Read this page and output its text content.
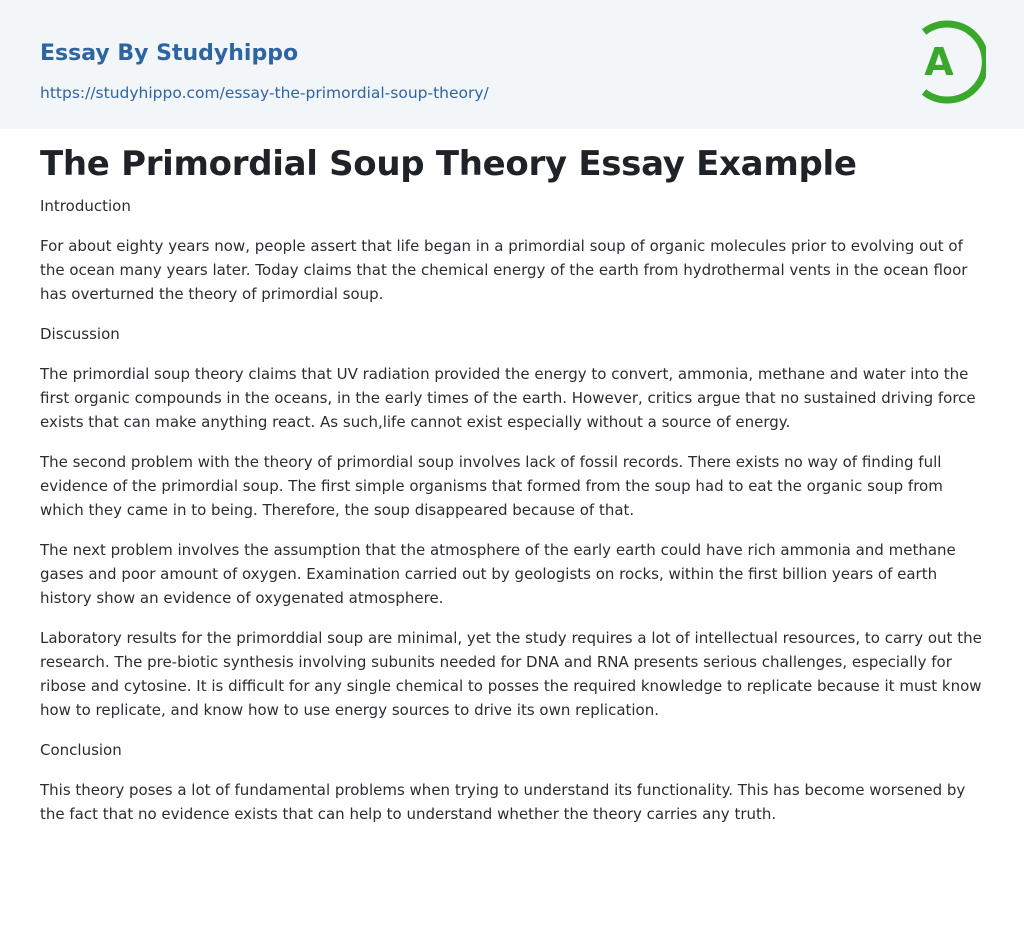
Essay By Studyhippo
https://studyhippo.com/essay-the-primordial-soup-theory/
A
The Primordial Soup Theory Essay Example

Introduction

For about eighty years now, people assert that life began in a primordial soup of organic molecules prior to evolving out of the ocean many years later. Today claims that the chemical energy of the earth from hydrothermal vents in the ocean floor has overturned the theory of primordial soup.

Discussion

The primordial soup theory claims that UV radiation provided the energy to convert, ammonia, methane and water into the first organic compounds in the oceans, in the early times of the earth. However, critics argue that no sustained driving force exists that can make anything react. As such,life cannot exist especially without a source of energy.

The second problem with the theory of primordial soup involves lack of fossil records. There exists no way of finding full evidence of the primordial soup. The first simple organisms that formed from the soup had to eat the organic soup from which they came in to being. Therefore, the soup disappeared because of that.

The next problem involves the assumption that the atmosphere of the early earth could have rich ammonia and methane gases and poor amount of oxygen. Examination carried out by geologists on rocks, within the first billion years of earth history show an evidence of oxygenated atmosphere.

Laboratory results for the primorddial soup are minimal, yet the study requires a lot of intellectual resources, to carry out the research. The pre-biotic synthesis involving subunits needed for DNA and RNA presents serious challenges, especially for ribose and cytosine. It is difficult for any single chemical to posses the required knowledge to replicate because it must know how to replicate, and know how to use energy sources to drive its own replication.

Conclusion

This theory poses a lot of fundamental problems when trying to understand its functionality. This has become worsened by the fact that no evidence exists that can help to understand whether the theory carries any truth.
